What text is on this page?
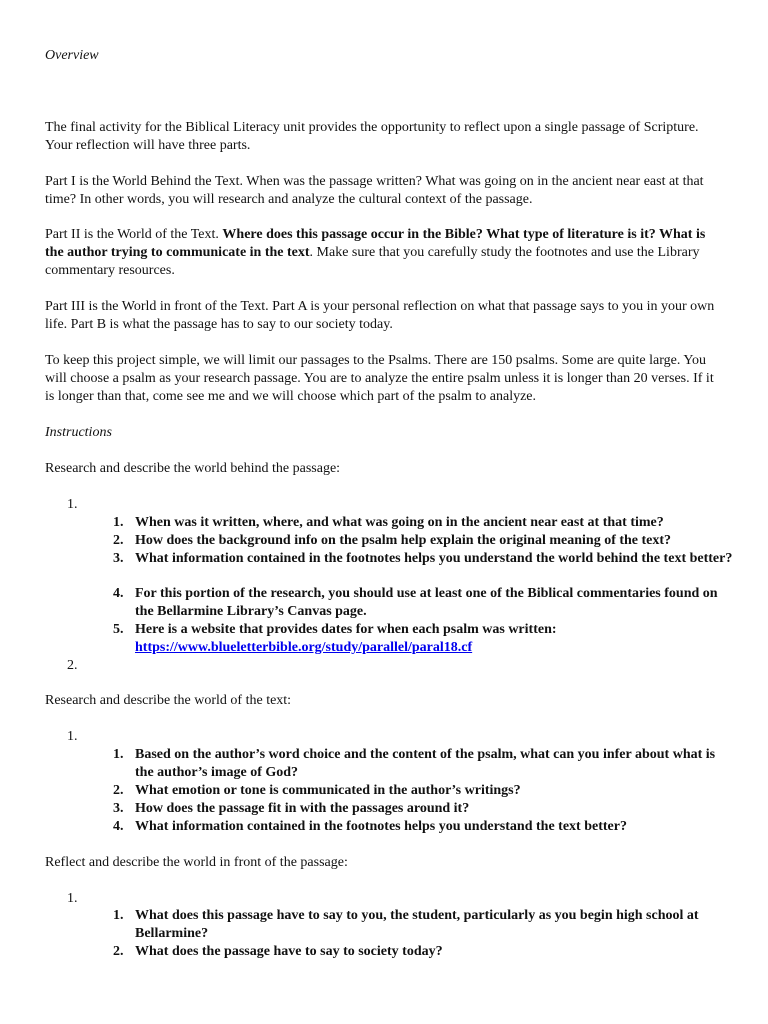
Overview
The final activity for the Biblical Literacy unit provides the opportunity to reflect upon a single passage of Scripture. Your reflection will have three parts.
Part I is the World Behind the Text. When was the passage written? What was going on in the ancient near east at that time? In other words, you will research and analyze the cultural context of the passage.
Part II is the World of the Text. Where does this passage occur in the Bible? What type of literature is it? What is the author trying to communicate in the text. Make sure that you carefully study the footnotes and use the Library commentary resources.
Part III is the World in front of the Text. Part A is your personal reflection on what that passage says to you in your own life. Part B is what the passage has to say to our society today.
To keep this project simple, we will limit our passages to the Psalms. There are 150 psalms. Some are quite large. You will choose a psalm as your research passage. You are to analyze the entire psalm unless it is longer than 20 verses. If it is longer than that, come see me and we will choose which part of the psalm to analyze.
Instructions
Research and describe the world behind the passage:
1.
1. When was it written, where, and what was going on in the ancient near east at that time?
2. How does the background info on the psalm help explain the original meaning of the text?
3. What information contained in the footnotes helps you understand the world behind the text better?
4. For this portion of the research, you should use at least one of the Biblical commentaries found on the Bellarmine Library’s Canvas page.
5. Here is a website that provides dates for when each psalm was written:  https://www.blueletterbible.org/study/parallel/paral18.cf
2.
Research and describe the world of the text:
1.
1. Based on the author’s word choice and the content of the psalm, what can you infer about what is the author’s image of God?
2. What emotion or tone is communicated in the author’s writings?
3. How does the passage fit in with the passages around it?
4. What information contained in the footnotes helps you understand the text better?
Reflect and describe the world in front of the passage:
1.
1. What does this passage have to say to you, the student, particularly as you begin high school at Bellarmine?
2. What does the passage have to say to society today?
